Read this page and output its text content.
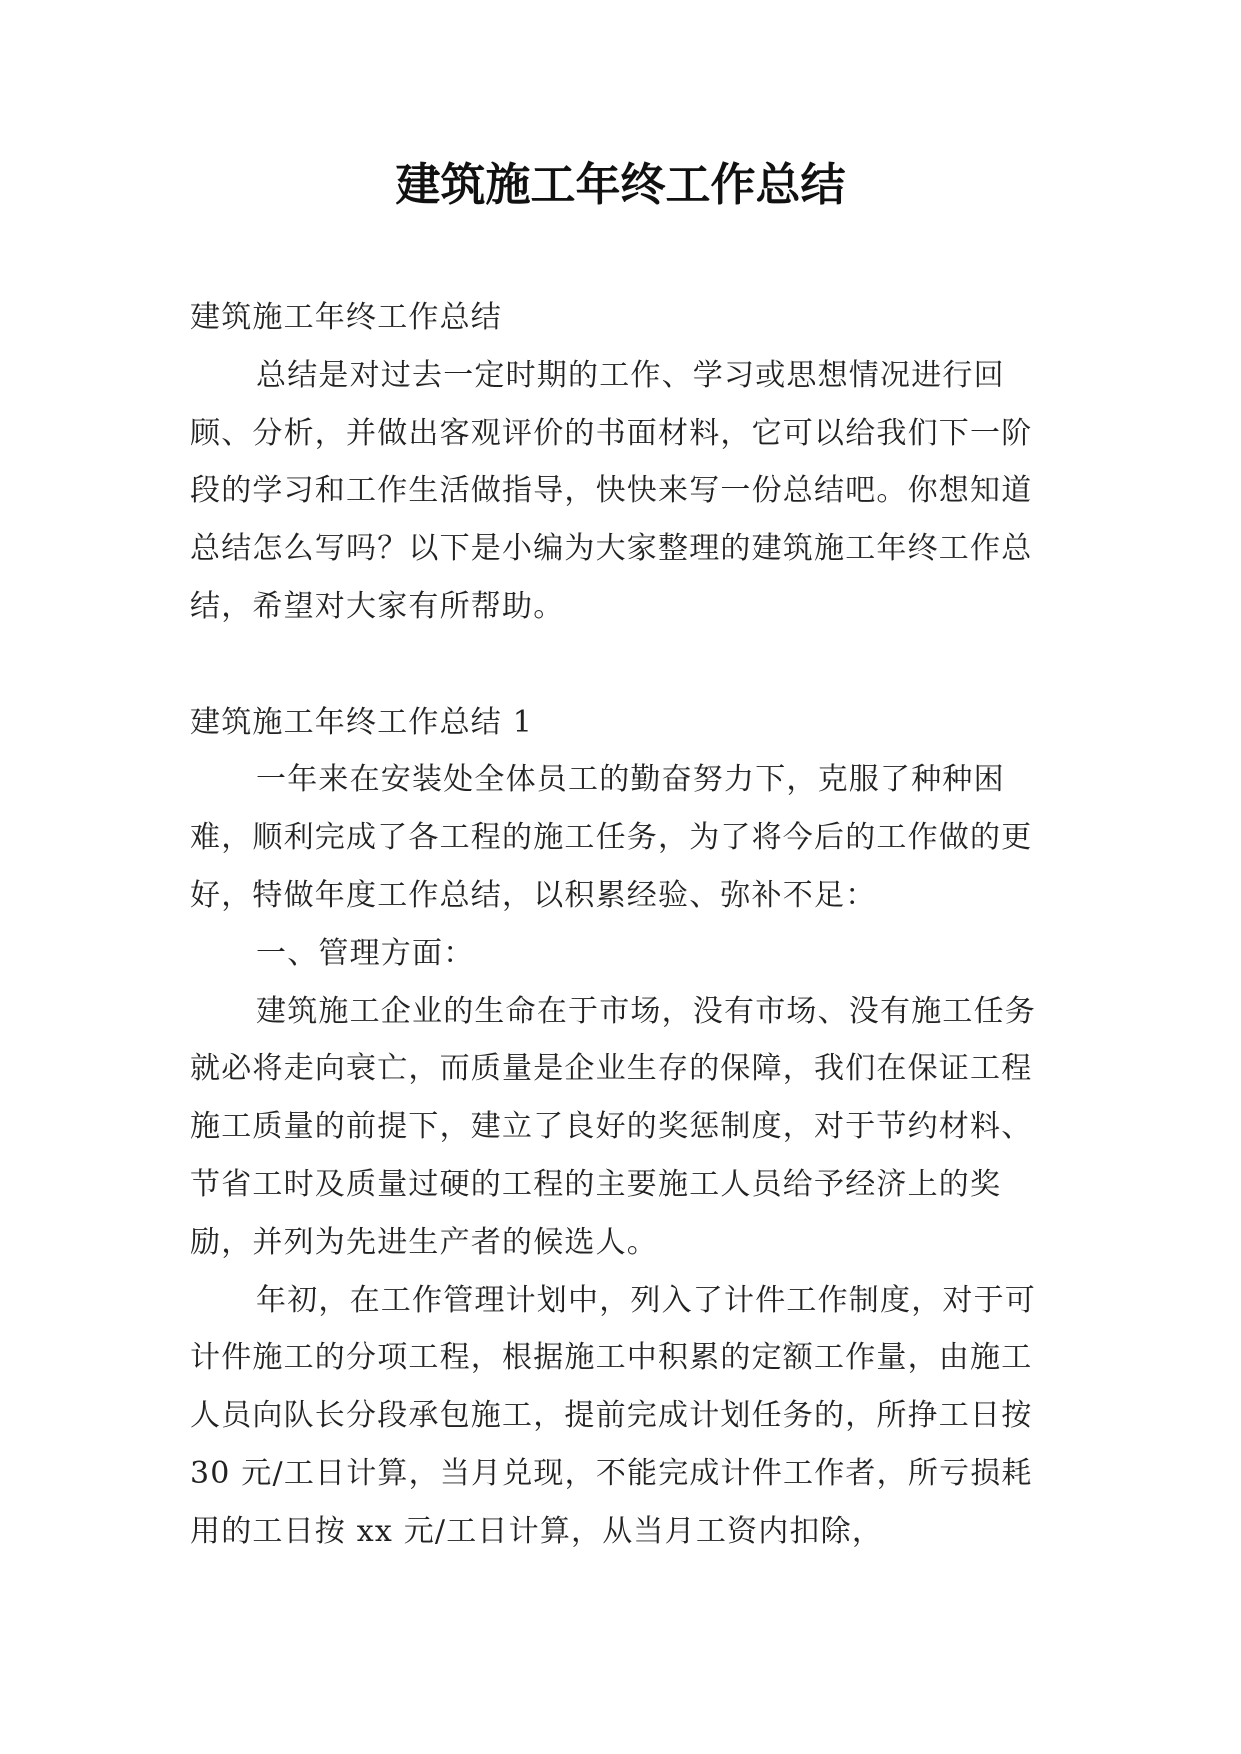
建筑施工年终工作总结

建筑施工年终工作总结

总结是对过去一定时期的工作、学习或思想情况进行回顾、分析，并做出客观评价的书面材料，它可以给我们下一阶段的学习和工作生活做指导，快快来写一份总结吧。你想知道总结怎么写吗？以下是小编为大家整理的建筑施工年终工作总结，希望对大家有所帮助。

建筑施工年终工作总结 1

一年来在安装处全体员工的勤奋努力下，克服了种种困难，顺利完成了各工程的施工任务，为了将今后的工作做的更好，特做年度工作总结，以积累经验、弥补不足：

一、管理方面：

建筑施工企业的生命在于市场，没有市场、没有施工任务就必将走向衰亡，而质量是企业生存的保障，我们在保证工程施工质量的前提下，建立了良好的奖惩制度，对于节约材料、节省工时及质量过硬的工程的主要施工人员给予经济上的奖励，并列为先进生产者的候选人。

年初，在工作管理计划中，列入了计件工作制度，对于可计件施工的分项工程，根据施工中积累的定额工作量，由施工人员向队长分段承包施工，提前完成计划任务的，所挣工日按 30 元/工日计算，当月兑现，不能完成计件工作者，所亏损耗用的工日按 xx 元/工日计算，从当月工资内扣除，
